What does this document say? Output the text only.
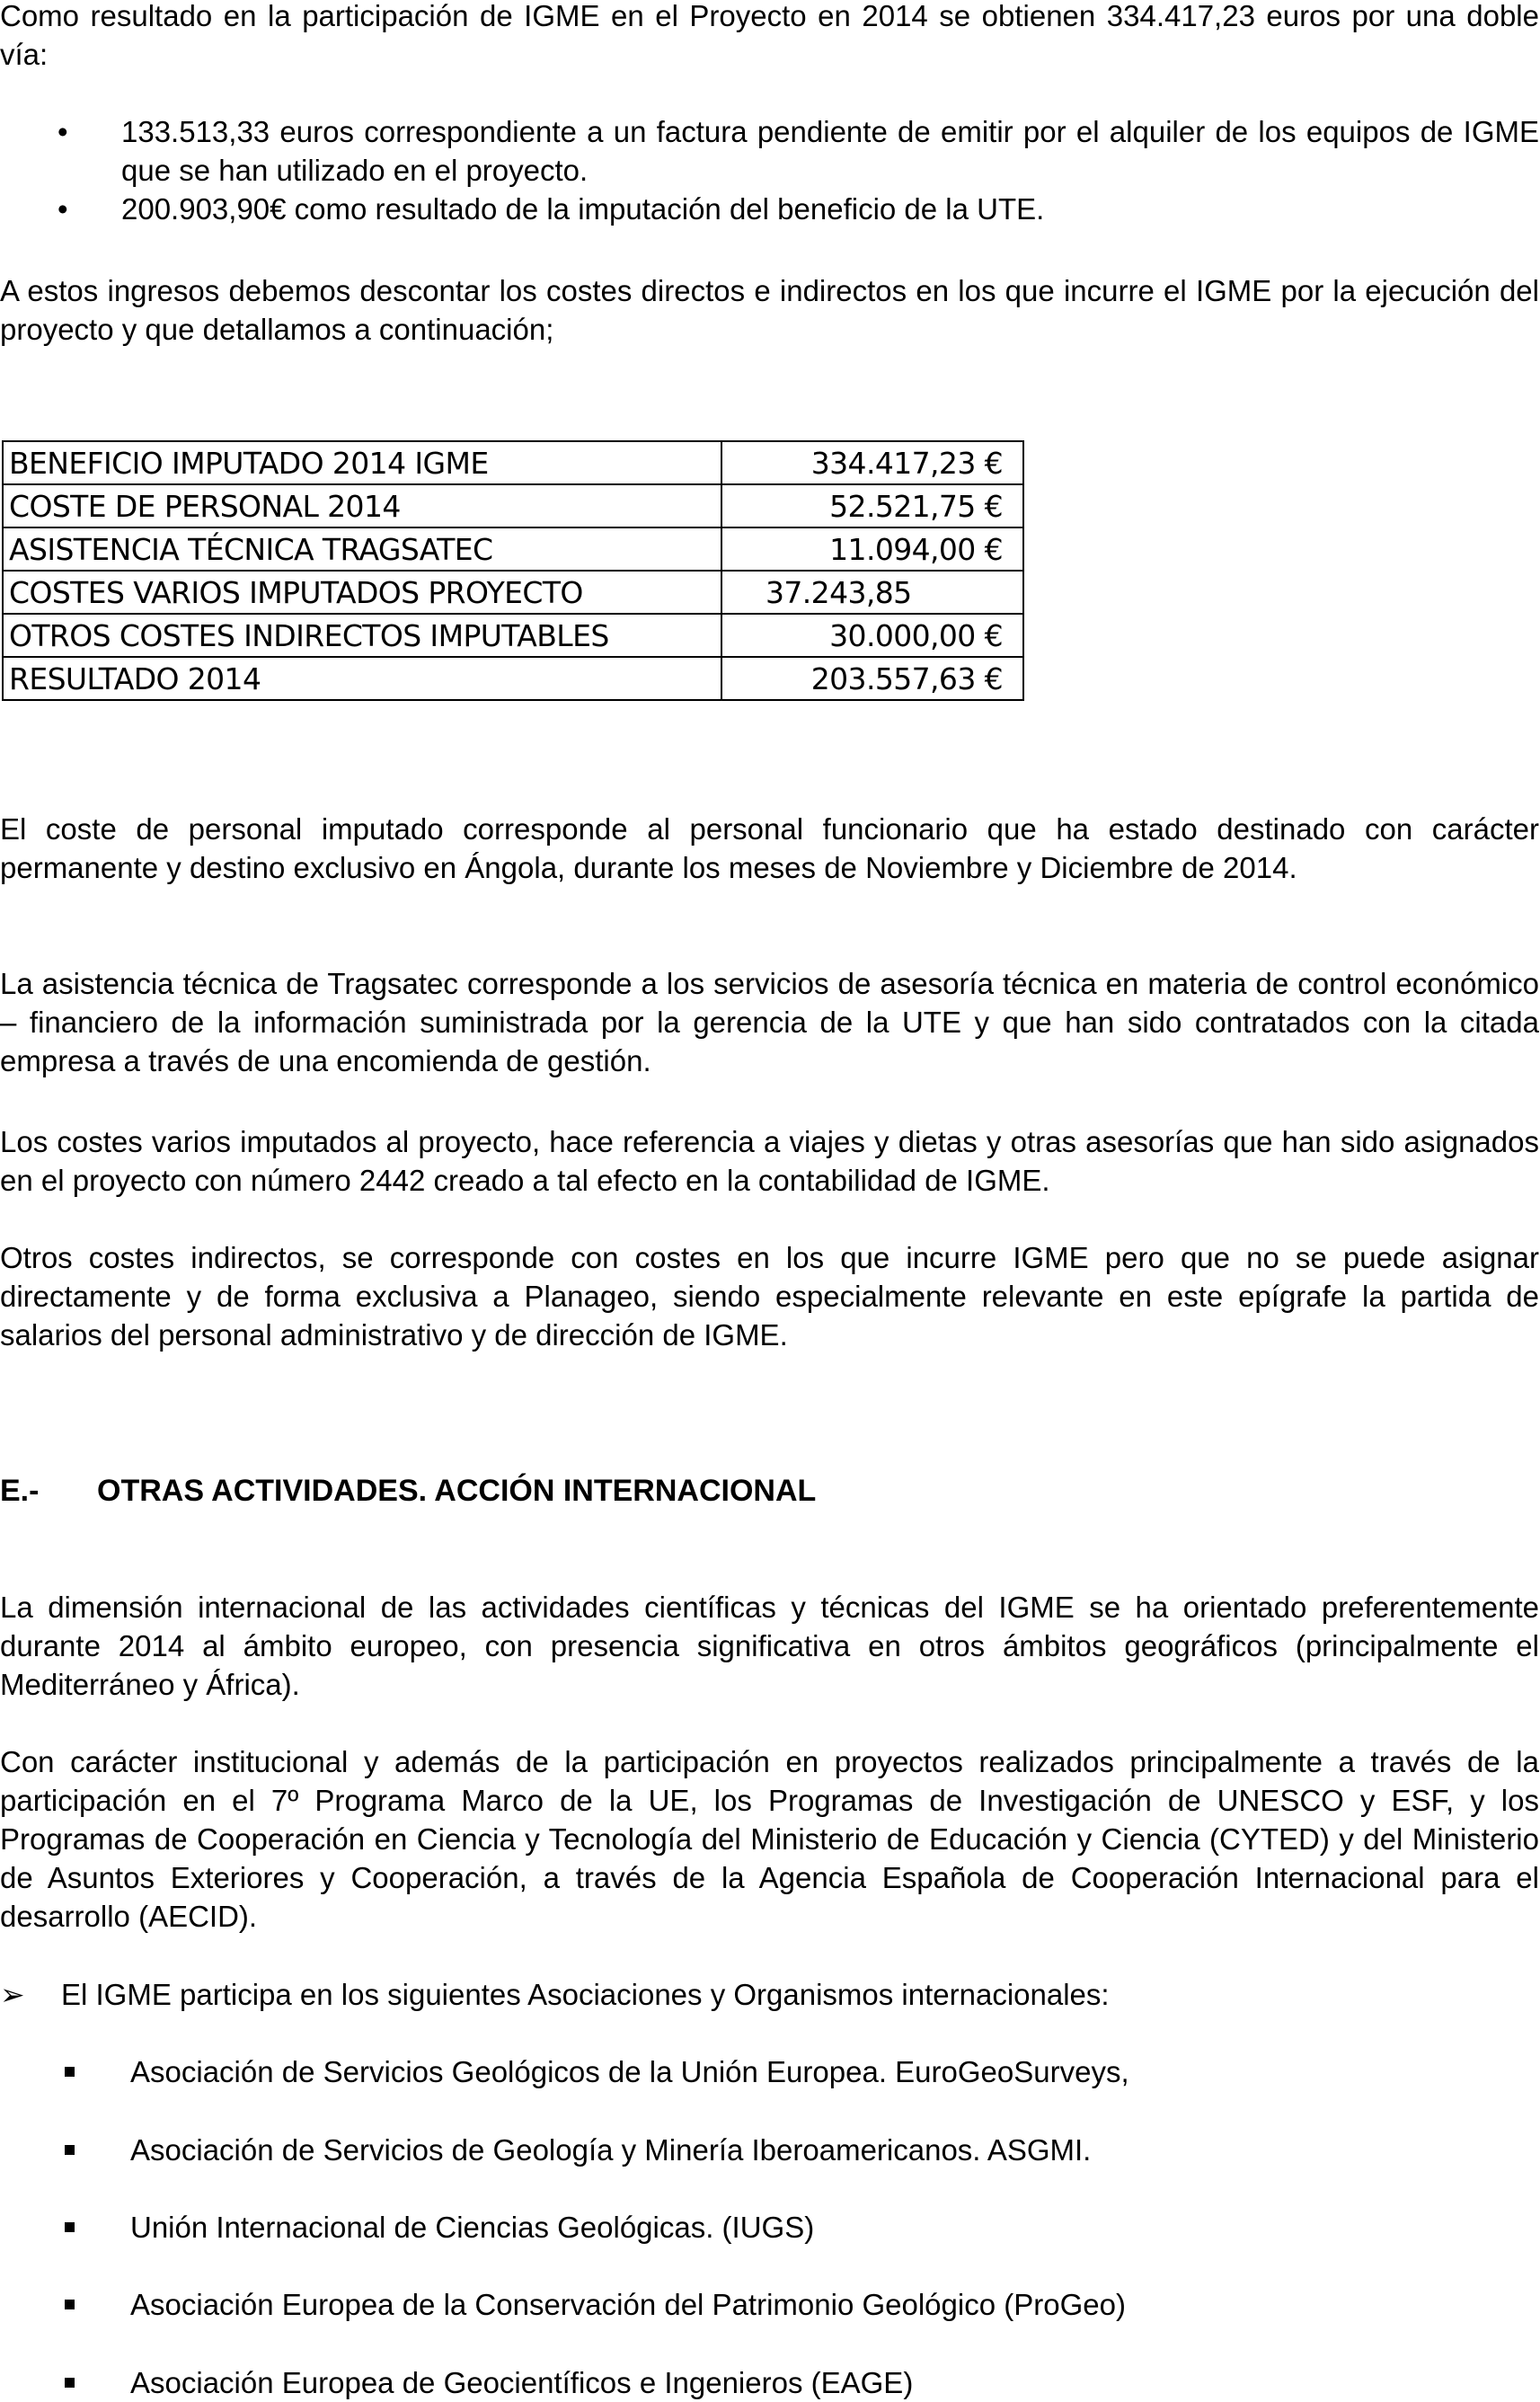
Como resultado en la participación de IGME en el Proyecto en 2014 se obtienen 334.417,23 euros por una doble vía:

• 133.513,33 euros correspondiente a un factura pendiente de emitir por el alquiler de los equipos de IGME que se han utilizado en el proyecto.
• 200.903,90€ como resultado de la imputación del beneficio de la UTE.

A estos ingresos debemos descontar los costes directos e indirectos en los que incurre el IGME por la ejecución del proyecto y que detallamos a continuación;

BENEFICIO IMPUTADO 2014 IGME	334.417,23 €
COSTE DE PERSONAL 2014	52.521,75 €
ASISTENCIA TÉCNICA TRAGSATEC	11.094,00 €
COSTES VARIOS IMPUTADOS PROYECTO	37.243,85
OTROS COSTES INDIRECTOS IMPUTABLES	30.000,00 €
RESULTADO 2014	203.557,63 €

El coste de personal imputado corresponde al personal funcionario que ha estado destinado con carácter permanente y destino exclusivo en Ángola, durante los meses de Noviembre y Diciembre de 2014.

La asistencia técnica de Tragsatec corresponde a los servicios de asesoría técnica en materia de control económico – financiero de la información suministrada por la gerencia de la UTE y que han sido contratados con la citada empresa a través de una encomienda de gestión.

Los costes varios imputados al proyecto, hace referencia a viajes y dietas y otras asesorías que han sido asignados en el proyecto con número 2442 creado a tal efecto en la contabilidad de IGME.

Otros costes indirectos, se corresponde con costes en los que incurre IGME pero que no se puede asignar directamente y de forma exclusiva a Planageo, siendo especialmente relevante en este epígrafe la partida de salarios del personal administrativo y de dirección de IGME.

E.- OTRAS ACTIVIDADES. ACCIÓN INTERNACIONAL

La dimensión internacional de las actividades científicas y técnicas del IGME se ha orientado preferentemente durante 2014 al ámbito europeo, con presencia significativa en otros ámbitos geográficos (principalmente el Mediterráneo y África).

Con carácter institucional y además de la participación en proyectos realizados principalmente a través de la participación en el 7º Programa Marco de la UE, los Programas de Investigación de UNESCO y ESF, y los Programas de Cooperación en Ciencia y Tecnología del Ministerio de Educación y Ciencia (CYTED) y del Ministerio de Asuntos Exteriores y Cooperación, a través de la Agencia Española de Cooperación Internacional para el desarrollo (AECID).

➢ El IGME participa en los siguientes Asociaciones y Organismos internacionales:
Asociación de Servicios Geológicos de la Unión Europea. EuroGeoSurveys,
Asociación de Servicios de Geología y Minería Iberoamericanos. ASGMI.
Unión Internacional de Ciencias Geológicas. (IUGS)
Asociación Europea de la Conservación del Patrimonio Geológico (ProGeo)
Asociación Europea de Geocientíficos e Ingenieros (EAGE)
